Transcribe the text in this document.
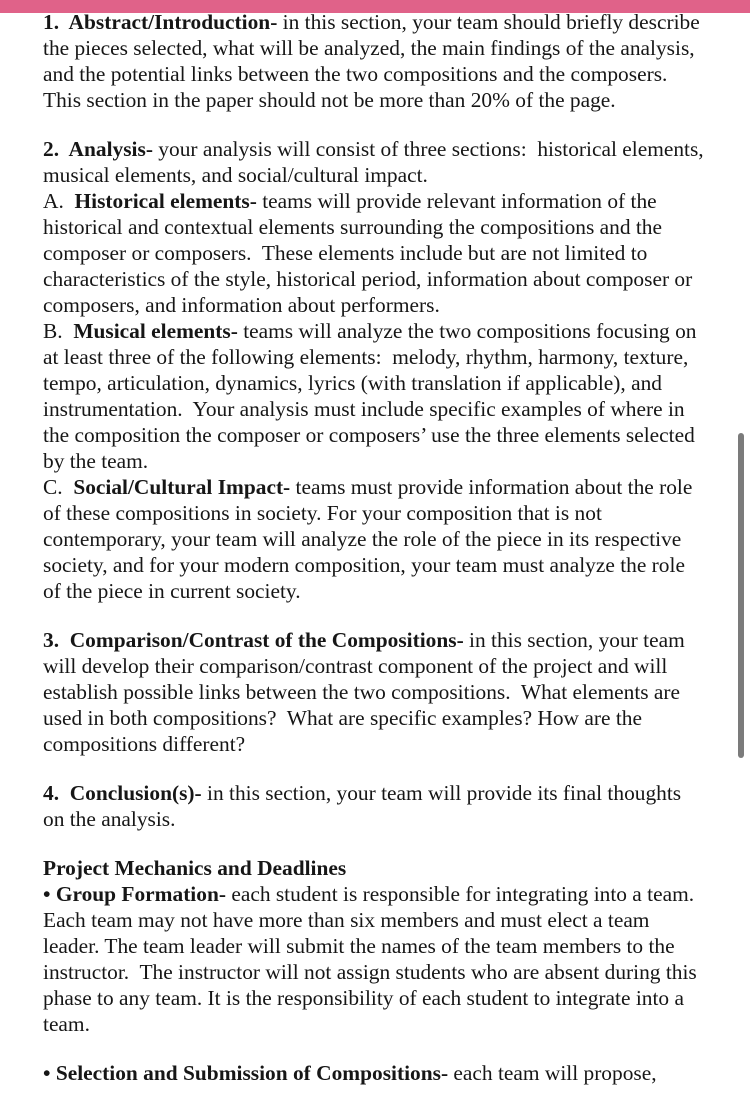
1.  Abstract/Introduction- in this section, your team should briefly describe the pieces selected, what will be analyzed, the main findings of the analysis, and the potential links between the two compositions and the composers.  This section in the paper should not be more than 20% of the page.

2.  Analysis- your analysis will consist of three sections:  historical elements, musical elements, and social/cultural impact.

A.  Historical elements- teams will provide relevant information of the historical and contextual elements surrounding the compositions and the composer or composers.  These elements include but are not limited to characteristics of the style, historical period, information about composer or composers, and information about performers.

B.  Musical elements- teams will analyze the two compositions focusing on at least three of the following elements:  melody, rhythm, harmony, texture, tempo, articulation, dynamics, lyrics (with translation if applicable), and instrumentation.  Your analysis must include specific examples of where in the composition the composer or composers’ use the three elements selected by the team.

C.  Social/Cultural Impact- teams must provide information about the role of these compositions in society. For your composition that is not contemporary, your team will analyze the role of the piece in its respective society, and for your modern composition, your team must analyze the role of the piece in current society.

3.  Comparison/Contrast of the Compositions- in this section, your team will develop their comparison/contrast component of the project and will establish possible links between the two compositions.  What elements are used in both compositions?  What are specific examples? How are the compositions different?

4.  Conclusion(s)- in this section, your team will provide its final thoughts on the analysis.

Project Mechanics and Deadlines

• Group Formation- each student is responsible for integrating into a team.  Each team may not have more than six members and must elect a team leader. The team leader will submit the names of the team members to the instructor.  The instructor will not assign students who are absent during this phase to any team. It is the responsibility of each student to integrate into a team.

• Selection and Submission of Compositions- each team will propose,
